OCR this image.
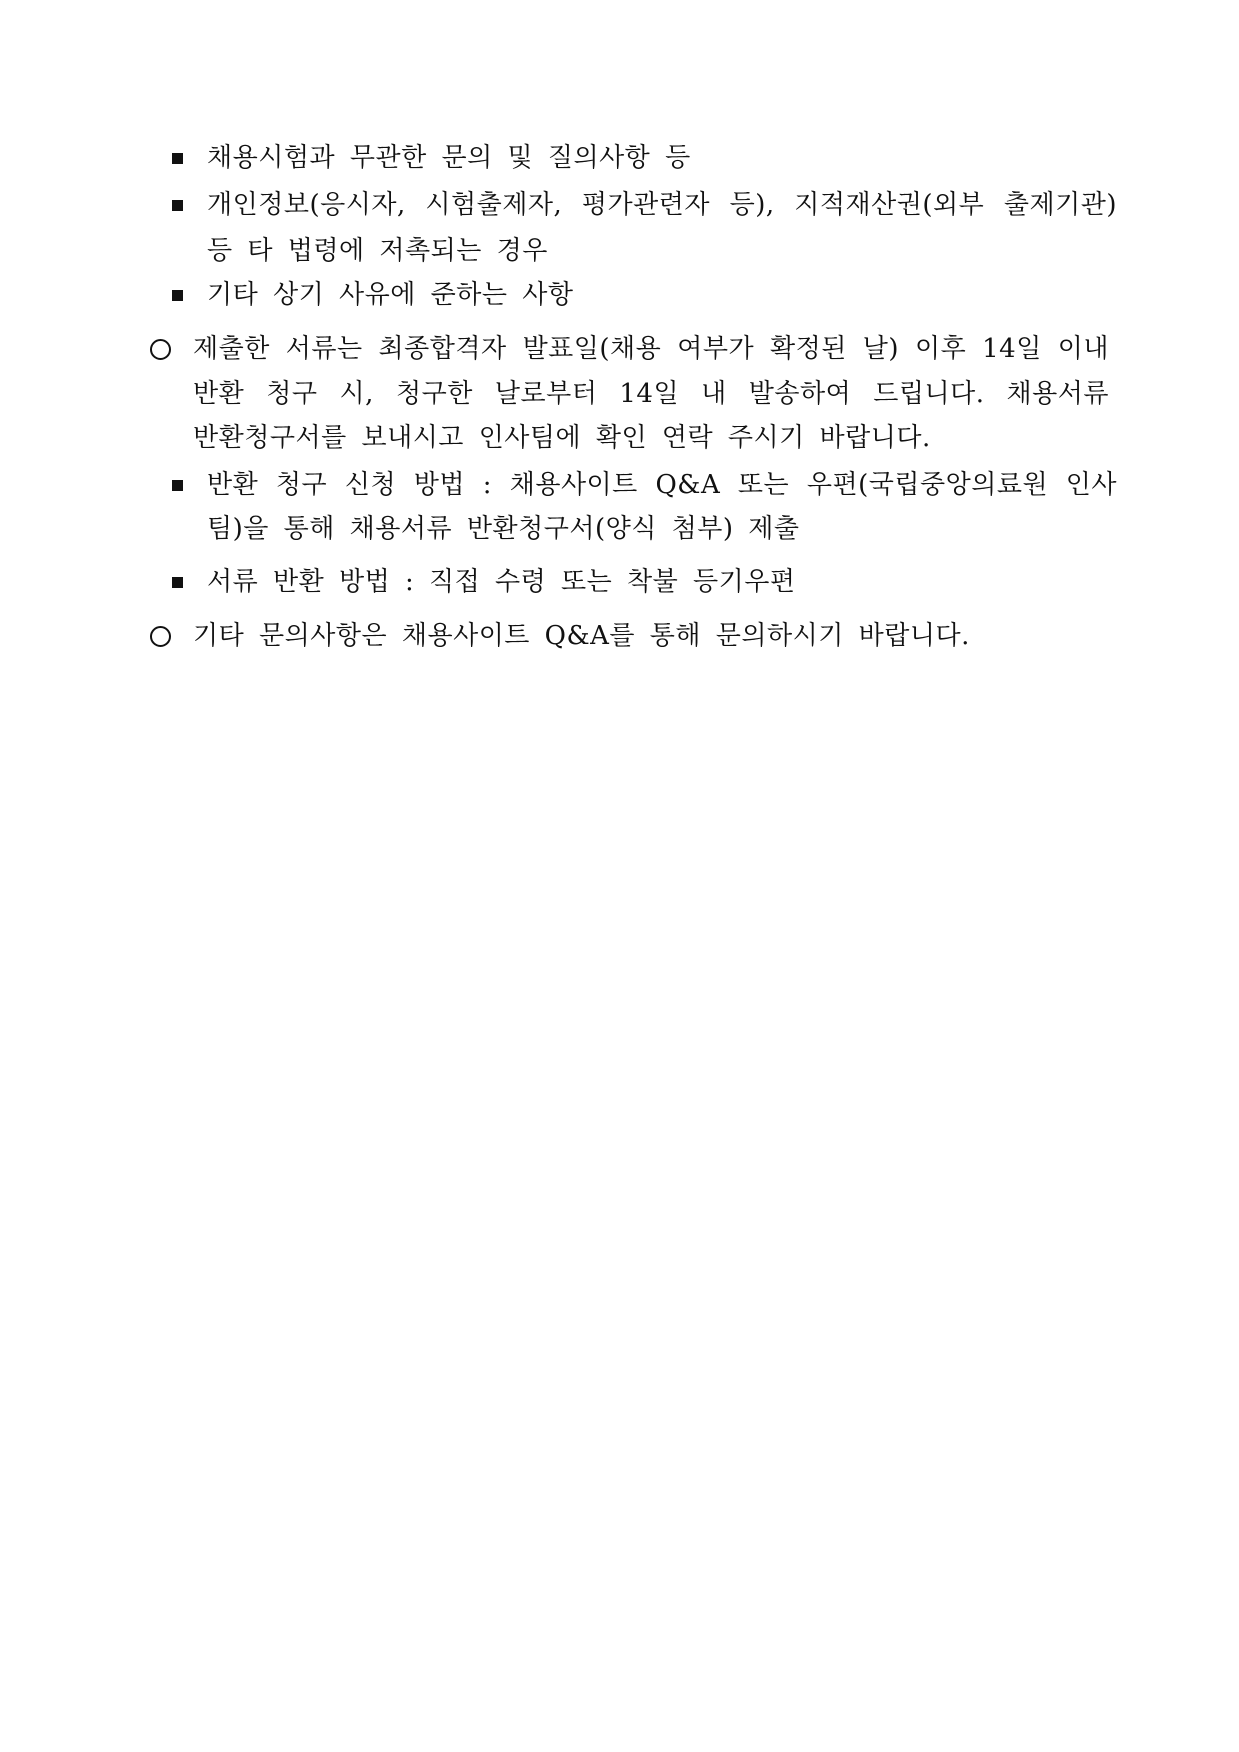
채용시험과 무관한 문의 및 질의사항 등
개인정보(응시자, 시험출제자, 평가관련자 등), 지적재산권(외부 출제기관)
등 타 법령에 저촉되는 경우
기타 상기 사유에 준하는 사항
제출한 서류는 최종합격자 발표일(채용 여부가 확정된 날) 이후 14일 이내
반환 청구 시, 청구한 날로부터 14일 내 발송하여 드립니다. 채용서류
반환청구서를 보내시고 인사팀에 확인 연락 주시기 바랍니다.
반환 청구 신청 방법 : 채용사이트 Q&A 또는 우편(국립중앙의료원 인사
팀)을 통해 채용서류 반환청구서(양식 첨부) 제출
서류 반환 방법 : 직접 수령 또는 착불 등기우편
기타 문의사항은 채용사이트 Q&A를 통해 문의하시기 바랍니다.
